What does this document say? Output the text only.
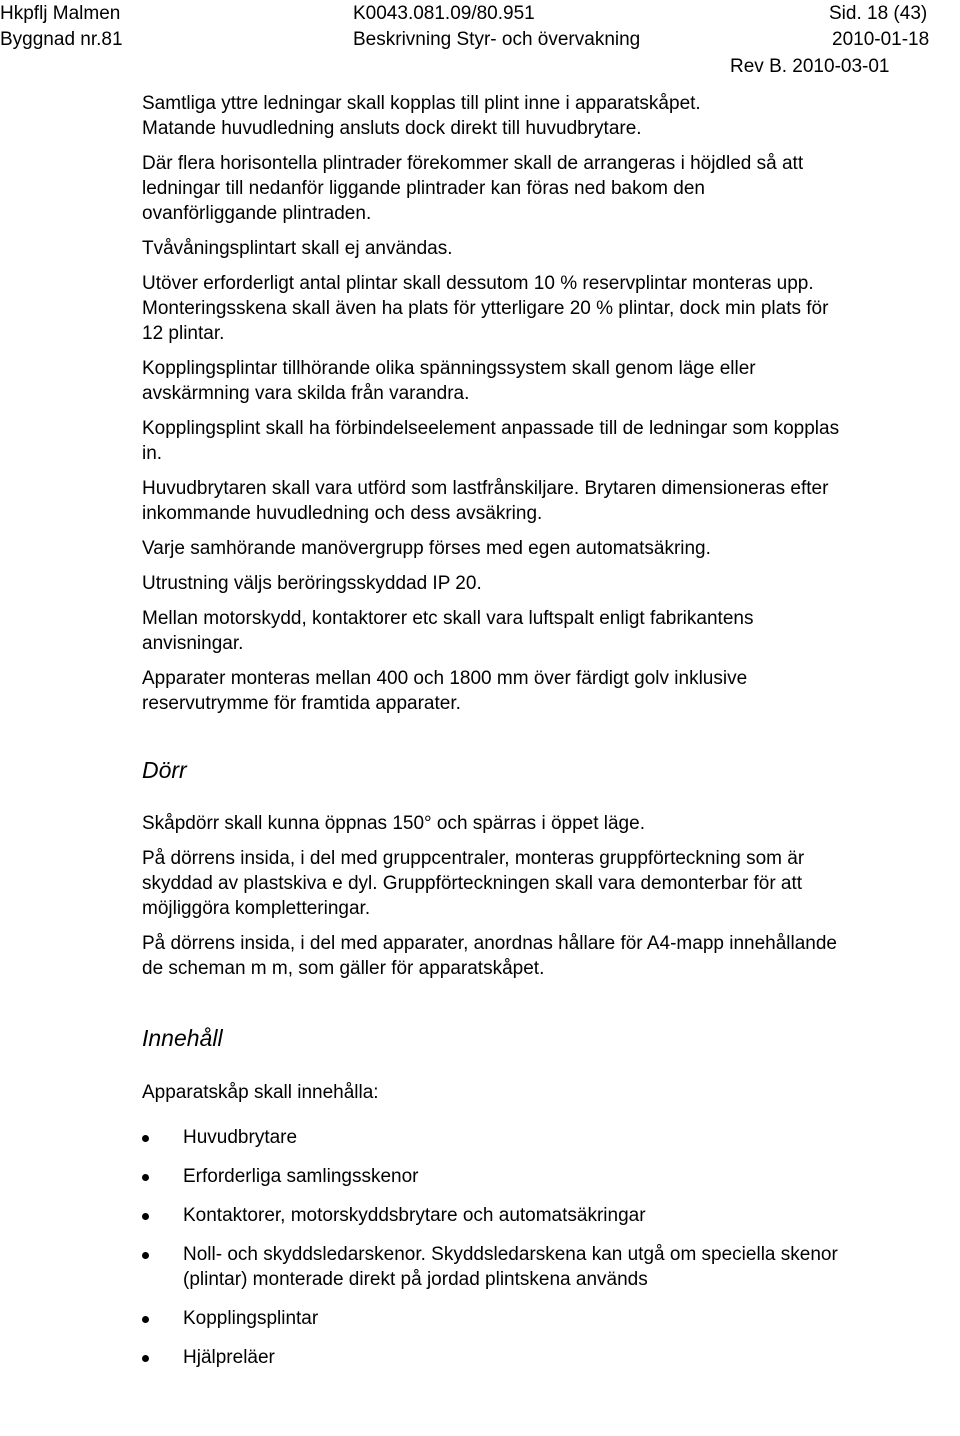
Hkpflj Malmen
Byggnad nr.81
K0043.081.09/80.951
Beskrivning Styr- och övervakning
Sid. 18 (43)
2010-01-18
Rev B. 2010-03-01

Samtliga yttre ledningar skall kopplas till plint inne i apparatskåpet.

Matande huvudledning ansluts dock direkt till huvudbrytare.

Där flera horisontella plintrader förekommer skall de arrangeras i höjdled så att ledningar till nedanför liggande plintrader kan föras ned bakom den ovanförliggande plintraden.

Tvåvåningsplintart skall ej användas.

Utöver erforderligt antal plintar skall dessutom 10 % reservplintar monteras upp. Monteringsskena skall även ha plats för ytterligare 20 % plintar, dock min plats för 12 plintar.

Kopplingsplintar tillhörande olika spänningssystem skall genom läge eller avskärmning vara skilda från varandra.

Kopplingsplint skall ha förbindelseelement anpassade till de ledningar som kopplas in.

Huvudbrytaren skall vara utförd som lastfrånskiljare. Brytaren dimensioneras efter inkommande huvudledning och dess avsäkring.

Varje samhörande manövergrupp förses med egen automatsäkring.

Utrustning väljs beröringsskyddad IP 20.

Mellan motorskydd, kontaktorer etc skall vara luftspalt enligt fabrikantens anvisningar.

Apparater monteras mellan 400 och 1800 mm över färdigt golv inklusive reservutrymme för framtida apparater.

Dörr

Skåpdörr skall kunna öppnas 150° och spärras i öppet läge.

På dörrens insida, i del med gruppcentraler, monteras gruppförteckning som är skyddad av plastskiva e dyl. Gruppförteckningen skall vara demonterbar för att möjliggöra kompletteringar.

På dörrens insida, i del med apparater, anordnas hållare för A4-mapp innehållande de scheman m m, som gäller för apparatskåpet.

Innehåll

Apparatskåp skall innehålla:

Huvudbrytare
Erforderliga samlingsskenor
Kontaktorer, motorskyddsbrytare och automatsäkringar
Noll- och skyddsledarskenor. Skyddsledarskena kan utgå om speciella skenor (plintar) monterade direkt på jordad plintskena används
Kopplingsplintar
Hjälpreläer
